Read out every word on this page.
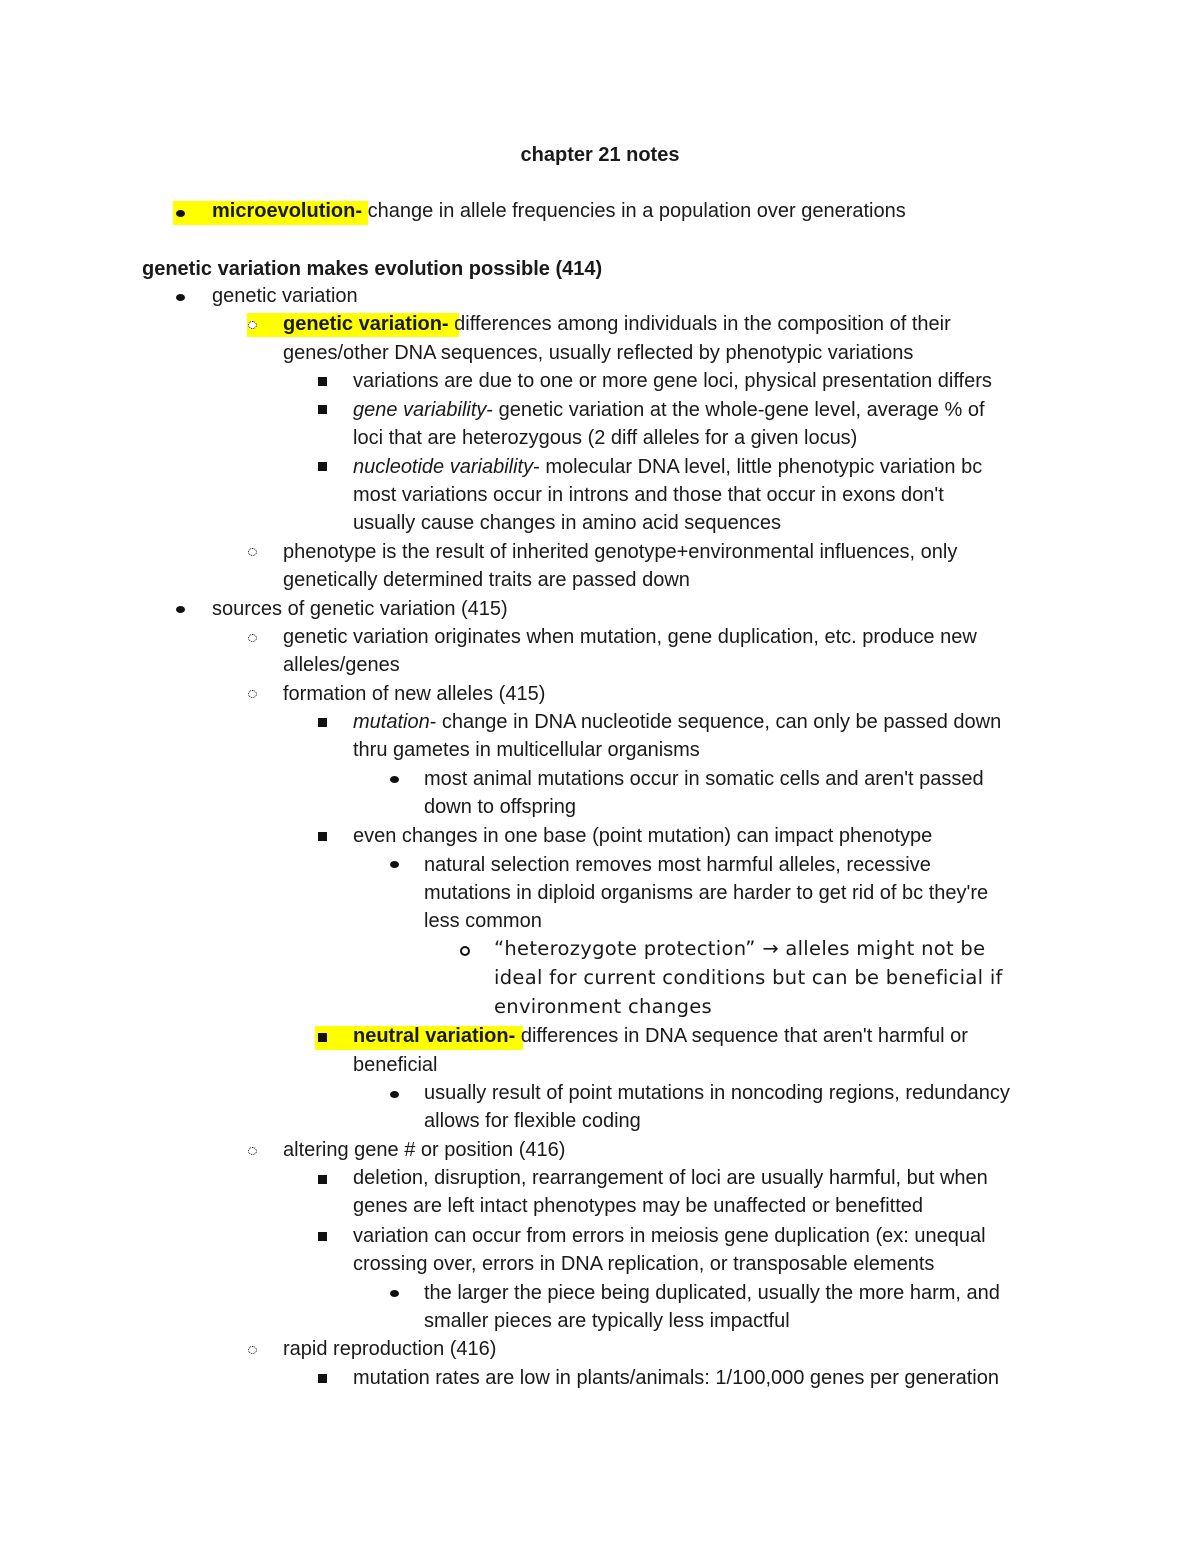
chapter 21 notes
microevolution- change in allele frequencies in a population over generations
genetic variation makes evolution possible (414)
genetic variation
genetic variation- differences among individuals in the composition of their
genes/other DNA sequences, usually reflected by phenotypic variations
variations are due to one or more gene loci, physical presentation differs
gene variability- genetic variation at the whole-gene level, average % of
loci that are heterozygous (2 diff alleles for a given locus)
nucleotide variability- molecular DNA level, little phenotypic variation bc
most variations occur in introns and those that occur in exons don't
usually cause changes in amino acid sequences
phenotype is the result of inherited genotype+environmental influences, only
genetically determined traits are passed down
sources of genetic variation (415)
genetic variation originates when mutation, gene duplication, etc. produce new
alleles/genes
formation of new alleles (415)
mutation- change in DNA nucleotide sequence, can only be passed down
thru gametes in multicellular organisms
most animal mutations occur in somatic cells and aren't passed
down to offspring
even changes in one base (point mutation) can impact phenotype
natural selection removes most harmful alleles, recessive
mutations in diploid organisms are harder to get rid of bc they're
less common
“heterozygote protection” → alleles might not be
ideal for current conditions but can be beneficial if
environment changes
neutral variation- differences in DNA sequence that aren't harmful or
beneficial
usually result of point mutations in noncoding regions, redundancy
allows for flexible coding
altering gene # or position (416)
deletion, disruption, rearrangement of loci are usually harmful, but when
genes are left intact phenotypes may be unaffected or benefitted
variation can occur from errors in meiosis gene duplication (ex: unequal
crossing over, errors in DNA replication, or transposable elements
the larger the piece being duplicated, usually the more harm, and
smaller pieces are typically less impactful
rapid reproduction (416)
mutation rates are low in plants/animals: 1/100,000 genes per generation
